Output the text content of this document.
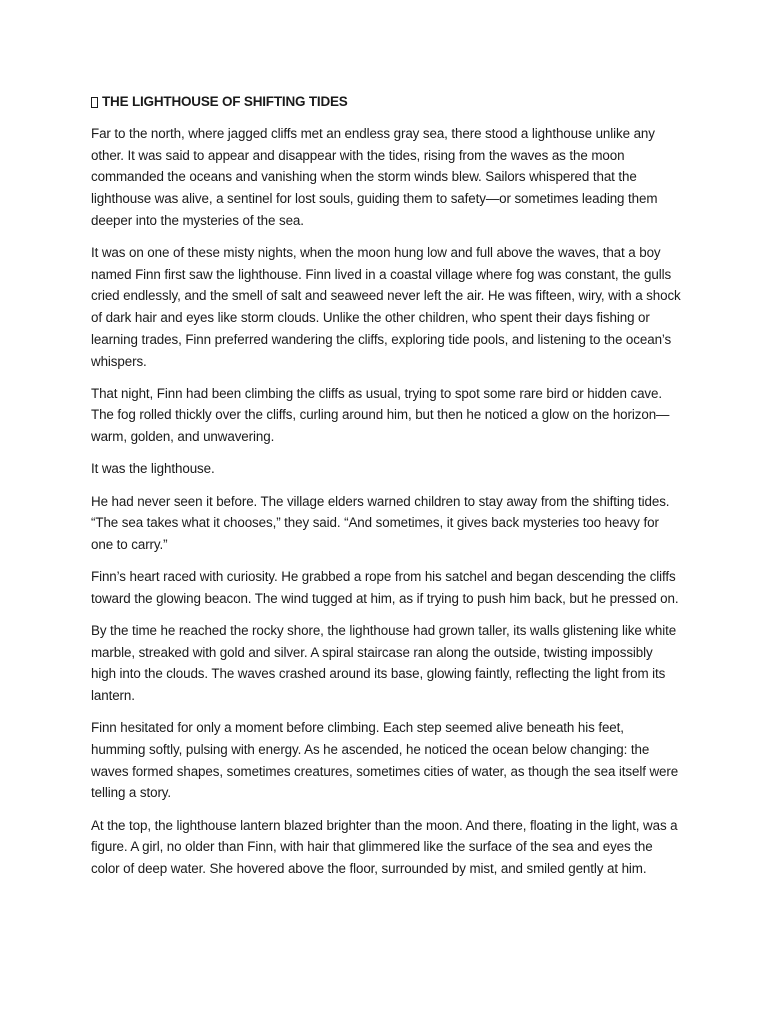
THE LIGHTHOUSE OF SHIFTING TIDES

Far to the north, where jagged cliffs met an endless gray sea, there stood a lighthouse unlike any other. It was said to appear and disappear with the tides, rising from the waves as the moon commanded the oceans and vanishing when the storm winds blew. Sailors whispered that the lighthouse was alive, a sentinel for lost souls, guiding them to safety—or sometimes leading them deeper into the mysteries of the sea.

It was on one of these misty nights, when the moon hung low and full above the waves, that a boy named Finn first saw the lighthouse. Finn lived in a coastal village where fog was constant, the gulls cried endlessly, and the smell of salt and seaweed never left the air. He was fifteen, wiry, with a shock of dark hair and eyes like storm clouds. Unlike the other children, who spent their days fishing or learning trades, Finn preferred wandering the cliffs, exploring tide pools, and listening to the ocean’s whispers.

That night, Finn had been climbing the cliffs as usual, trying to spot some rare bird or hidden cave. The fog rolled thickly over the cliffs, curling around him, but then he noticed a glow on the horizon—warm, golden, and unwavering.

It was the lighthouse.

He had never seen it before. The village elders warned children to stay away from the shifting tides. “The sea takes what it chooses,” they said. “And sometimes, it gives back mysteries too heavy for one to carry.”

Finn’s heart raced with curiosity. He grabbed a rope from his satchel and began descending the cliffs toward the glowing beacon. The wind tugged at him, as if trying to push him back, but he pressed on.

By the time he reached the rocky shore, the lighthouse had grown taller, its walls glistening like white marble, streaked with gold and silver. A spiral staircase ran along the outside, twisting impossibly high into the clouds. The waves crashed around its base, glowing faintly, reflecting the light from its lantern.

Finn hesitated for only a moment before climbing. Each step seemed alive beneath his feet, humming softly, pulsing with energy. As he ascended, he noticed the ocean below changing: the waves formed shapes, sometimes creatures, sometimes cities of water, as though the sea itself were telling a story.

At the top, the lighthouse lantern blazed brighter than the moon. And there, floating in the light, was a figure. A girl, no older than Finn, with hair that glimmered like the surface of the sea and eyes the color of deep water. She hovered above the floor, surrounded by mist, and smiled gently at him.
